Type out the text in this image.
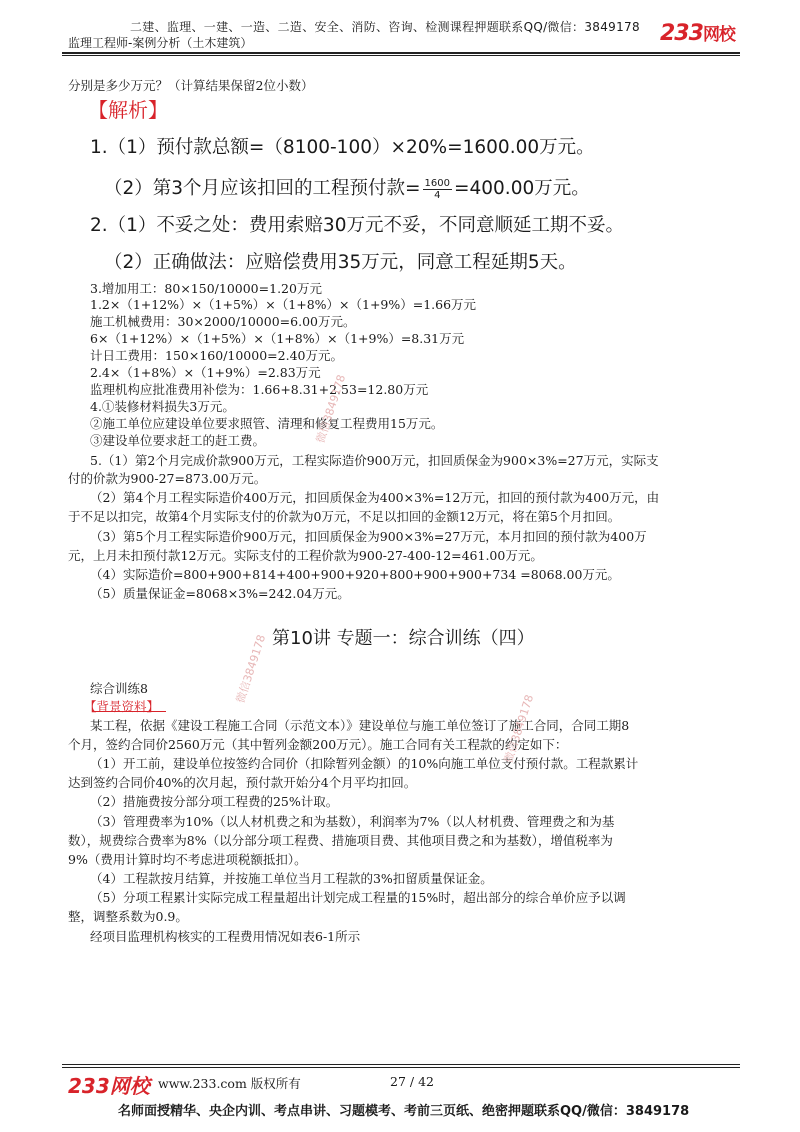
二建、监理、一建、一造、二造、安全、消防、咨询、检测课程押题联系QQ/微信：3849178
监理工程师-案例分析（土木建筑）	233网校
分别是多少万元？（计算结果保留2位小数）
【解析】
1.（1）预付款总额=（8100-100）×20%=1600.00万元。
（2）第3个月应该扣回的工程预付款= $\frac{1600}{4} =400.00$万元。
2.（1）不妥之处：费用索赔30万元不妥，不同意顺延工期不妥。
（2）正确做法：应赔偿费用35万元，同意工程延期5天。
3.增加用工：80×150/10000=1.20万元
1.2×（1+12%）×（1+5%）×（1+8%）×（1+9%）=1.66万元
施工机械费用：30×2000/10000=6.00万元。
6×（1+12%）×（1+5%）×（1+8%）×（1+9%）=8.31万元
计日工费用：150×160/10000=2.40万元。
2.4×（1+8%）×（1+9%）=2.83万元
监理机构应批准费用补偿为：1.66+8.31+2.53=12.80万元
4.①装修材料损失3万元。
②施工单位应建设单位要求照管、清理和修复工程费用15万元。
③建设单位要求赶工的赶工费。
5.（1）第2个月完成价款900万元，工程实际造价900万元，扣回质保金为900×3%=27万元，实际支
付的价款为900-27=873.00万元。
（2）第4个月工程实际造价400万元，扣回质保金为400×3%=12万元，扣回的预付款为400万元，由
于不足以扣完，故第4个月实际支付的价款为0万元，不足以扣回的金额12万元，将在第5个月扣回。
（3）第5个月工程实际造价900万元，扣回质保金为900×3%=27万元，本月扣回的预付款为400万
元，上月未扣预付款12万元。实际支付的工程价款为900-27-400-12=461.00万元。
（4）实际造价=800+900+814+400+900+920+800+900+900+734 =8068.00万元。
（5）质量保证金=8068×3%=242.04万元。
第10讲 专题一：综合训练（四）
综合训练8
【背景资料】
某工程，依据《建设工程施工合同（示范文本）》建设单位与施工单位签订了施工合同，合同工期8
个月，签约合同价2560万元（其中暂列金额200万元）。施工合同有关工程款的约定如下：
（1）开工前，建设单位按签约合同价（扣除暂列金额）的10%向施工单位支付预付款。工程款累计
达到签约合同价40%的次月起，预付款开始分4个月平均扣回。
（2）措施费按分部分项工程费的25%计取。
（3）管理费率为10%（以人材机费之和为基数），利润率为7%（以人材机费、管理费之和为基
数），规费综合费率为8%（以分部分项工程费、措施项目费、其他项目费之和为基数），增值税率为
9%（费用计算时均不考虑进项税额抵扣）。
（4）工程款按月结算，并按施工单位当月工程款的3%扣留质量保证金。
（5）分项工程累计实际完成工程量超出计划完成工程量的15%时，超出部分的综合单价应予以调
整，调整系数为0.9。
经项目监理机构核实的工程费用情况如表6-1所示
微信3849178
微信3849178
微信3849178
233网校 www.233.com 版权所有	27 / 42
名师面授精华、央企内训、考点串讲、习题模考、考前三页纸、绝密押题联系QQ/微信：3849178
